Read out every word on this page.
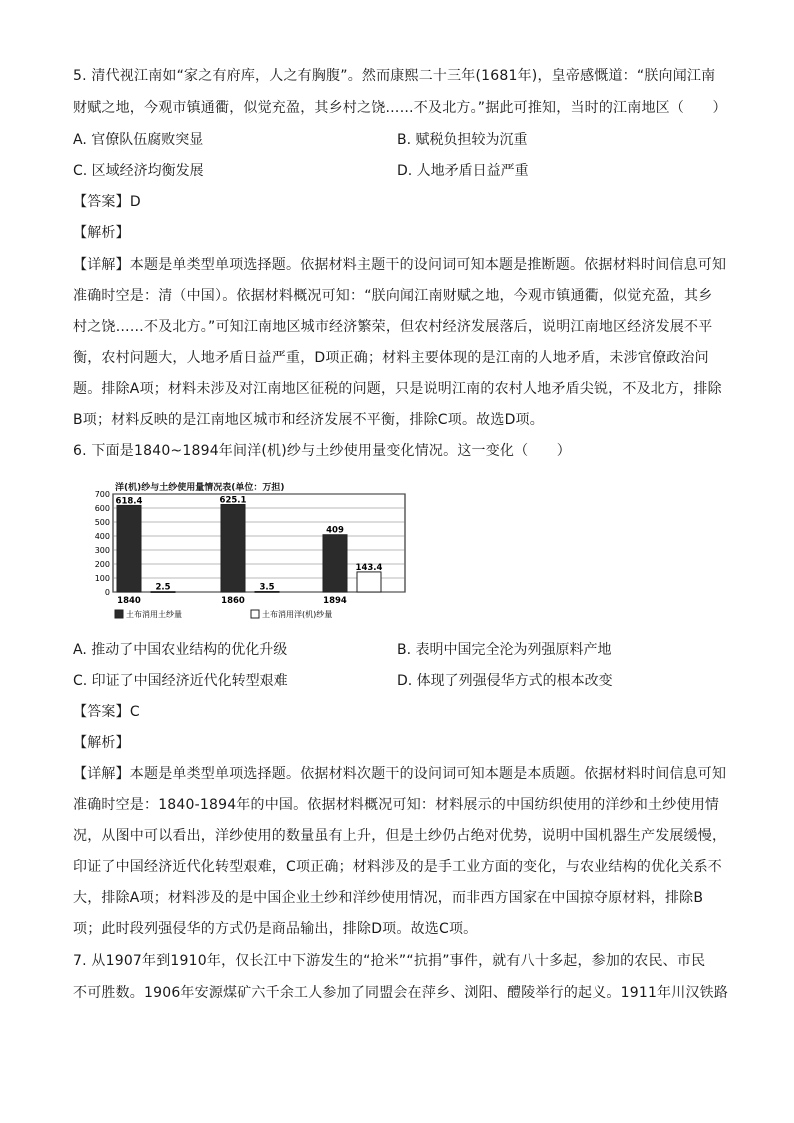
5. 清代视江南如“家之有府库，人之有胸腹”。然而康熙二十三年(1681年)，皇帝感慨道：“朕向闻江南
财赋之地，今观市镇通衢，似觉充盈，其乡村之饶……不及北方。”据此可推知，当时的江南地区（　　）
A. 官僚队伍腐败突显	B. 赋税负担较为沉重
C. 区域经济均衡发展	D. 人地矛盾日益严重
【答案】D
【解析】
【详解】本题是单类型单项选择题。依据材料主题干的设问词可知本题是推断题。依据材料时间信息可知
准确时空是：清（中国）。依据材料概况可知：“朕向闻江南财赋之地，今观市镇通衢，似觉充盈，其乡
村之饶……不及北方。”可知江南地区城市经济繁荣，但农村经济发展落后，说明江南地区经济发展不平
衡，农村问题大，人地矛盾日益严重，D项正确；材料主要体现的是江南的人地矛盾，未涉官僚政治问
题。排除A项；材料未涉及对江南地区征税的问题，只是说明江南的农村人地矛盾尖锐，不及北方，排除
B项；材料反映的是江南地区城市和经济发展不平衡，排除C项。故选D项。
6. 下面是1840~1894年间洋(机)纱与土纱使用量变化情况。这一变化（　　）
700
600
500
400
300
200
100
0
618.4
2.5
625.1
3.5
409
143.4
1840	1860	1894
洋(机)纱与土纱使用量情况表(单位：万担)
土布消用土纱量	土布消用洋(机)纱量
A. 推动了中国农业结构的优化升级	B. 表明中国完全沦为列强原料产地
C. 印证了中国经济近代化转型艰难	D. 体现了列强侵华方式的根本改变
【答案】C
【解析】
【详解】本题是单类型单项选择题。依据材料次题干的设问词可知本题是本质题。依据材料时间信息可知
准确时空是：1840-1894年的中国。依据材料概况可知：材料展示的中国纺织使用的洋纱和土纱使用情
况，从图中可以看出，洋纱使用的数量虽有上升，但是土纱仍占绝对优势，说明中国机器生产发展缓慢，
印证了中国经济近代化转型艰难，C项正确；材料涉及的是手工业方面的变化，与农业结构的优化关系不
大，排除A项；材料涉及的是中国企业土纱和洋纱使用情况，而非西方国家在中国掠夺原材料，排除B
项；此时段列强侵华的方式仍是商品输出，排除D项。故选C项。
7. 从1907年到1910年，仅长江中下游发生的“抢米”“抗捐”事件，就有八十多起，参加的农民、市民
不可胜数。1906年安源煤矿六千余工人参加了同盟会在萍乡、浏阳、醴陵举行的起义。1911年川汉铁路
